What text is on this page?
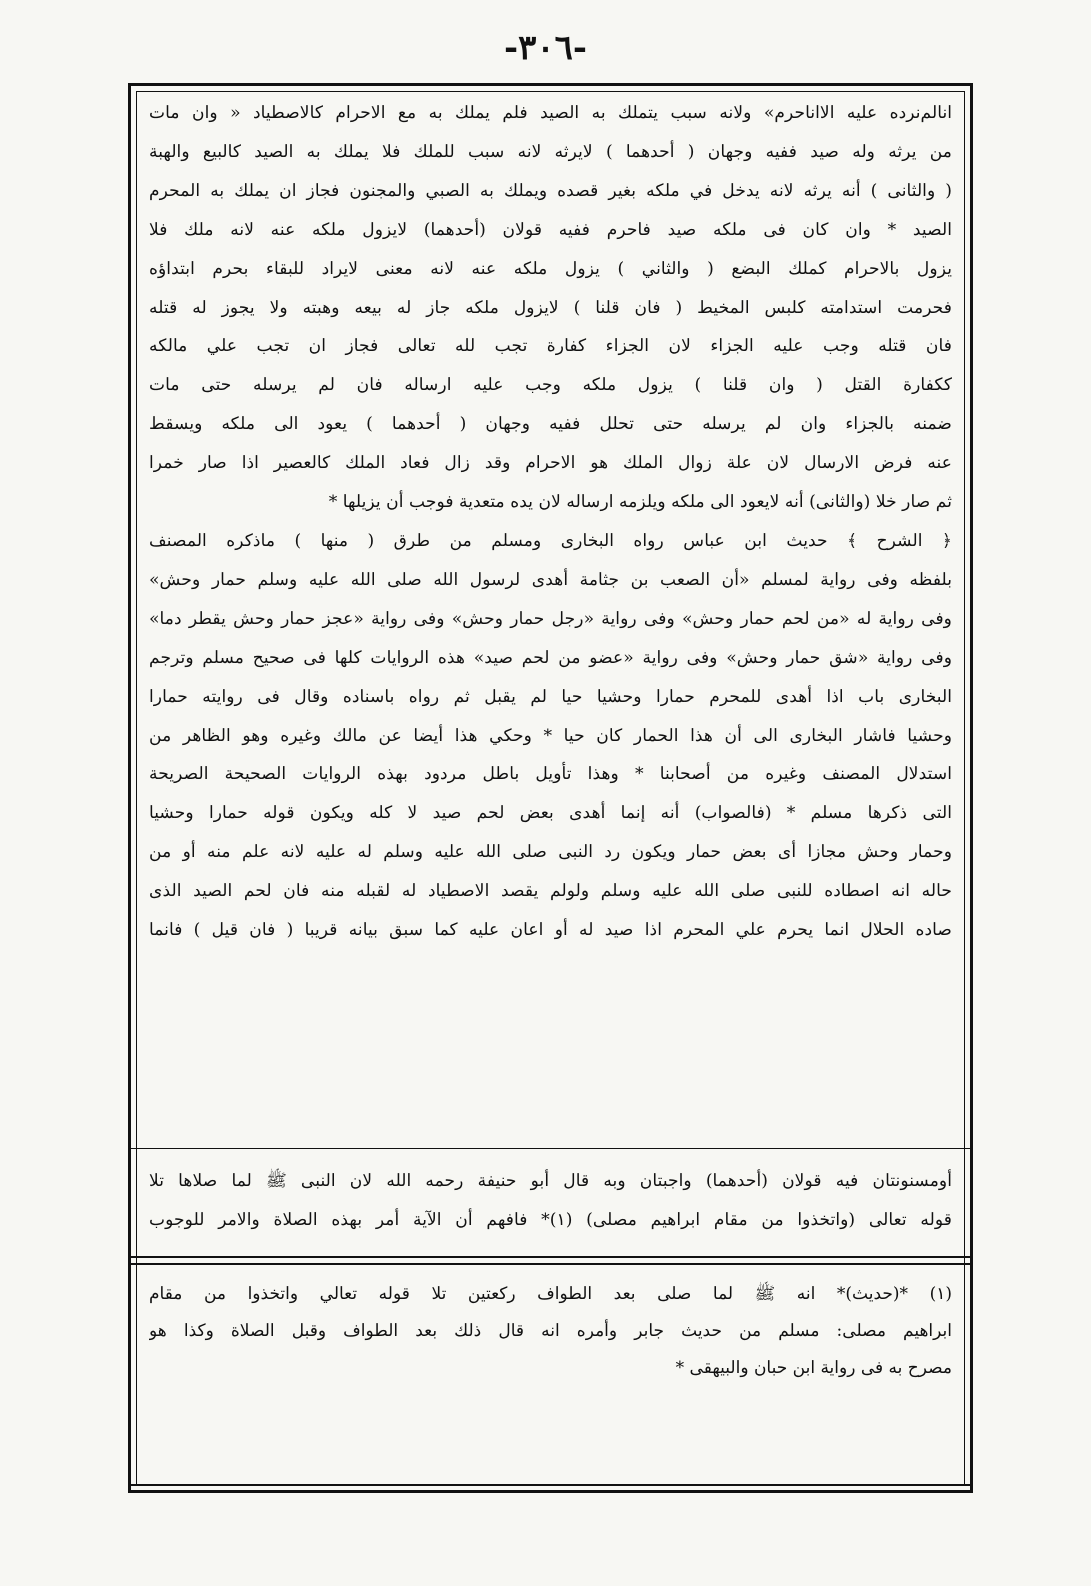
-٣٠٦-

انالم‌نرده عليه الاانا‌حرم» ولانه سبب يتملك به الصيد فلم يملك به مع الاحرام كالاصطياد « وان مات

من يرثه وله صيد ففيه وجهان ( أحدهما ) لايرثه لانه سبب للملك فلا يملك به الصيد كالبيع والهبة

( والثانى ) أنه يرثه لانه يدخل في ملكه بغير قصده ويملك به الصبي والمجنون فجاز ان يملك به المحرم

الصيد * وان كان فى ملكه صيد فاحرم ففيه قولان (أحدهما) لايزول ملكه عنه لانه ملك فلا

يزول بالاحرام كملك البضع ( والثاني ) يزول ملكه عنه لانه معنى لايراد للبقاء بحرم ابتداؤه

فحرمت استدامته كلبس المخيط ( فان قلنا ) لايزول ملكه جاز له بيعه وهبته ولا يجوز له قتله

فان قتله وجب عليه الجزاء لان الجزاء كفارة تجب لله تعالى فجاز ان تجب علي مالكه

ككفارة القتل ( وان قلنا ) يزول ملكه وجب عليه ارساله فان لم يرسله حتى مات

ضمنه بالجزاء وان لم يرسله حتى تحلل ففيه وجهان ( أحدهما ) يعود الى ملكه ويسقط

عنه فرض الارسال لان علة زوال الملك هو الاحرام وقد زال فعاد الملك كالعصير اذا صار خمرا

ثم صار خلا (والثانى) أنه لايعود الى ملكه ويلزمه ارساله لان يده متعدية فوجب أن يزيلها *

﴿ الشرح ﴾ حديث ابن عباس رواه البخارى ومسلم من طرق ( منها ) ماذكره المصنف

بلفظه وفى رواية لمسلم «أن الصعب بن جثامة أهدى لرسول الله صلى الله عليه وسلم حمار وحش»

وفى رواية له «من لحم حمار وحش» وفى رواية «رجل حمار وحش» وفى رواية «عجز حمار وحش يقطر دما»

وفى رواية «شق حمار وحش» وفى رواية «عضو من لحم صيد» هذه الروايات كلها فى صحيح مسلم وترجم

البخارى باب اذا أهدى للمحرم حمارا وحشيا حيا لم يقبل ثم رواه باسناده وقال فى روايته حمارا

وحشيا فاشار البخارى الى أن هذا الحمار كان حيا * وحكي هذا أيضا عن مالك وغيره وهو الظاهر من

استدلال المصنف وغيره من أصحابنا * وهذا تأويل باطل مردود بهذه الروايات الصحيحة الصريحة

التى ذكرها مسلم * (فالصواب) أنه إنما أهدى بعض لحم صيد لا كله ويكون قوله حمارا وحشيا

وحمار وحش مجازا أى بعض حمار ويكون رد النبى صلى الله عليه وسلم له عليه لانه علم منه أو من

حاله انه اصطاده للنبى صلى الله عليه وسلم ولولم يقصد الاصطياد له لقبله منه فان لحم الصيد الذى

صاده الحلال انما يحرم علي المحرم اذا صيد له أو اعان عليه كما سبق بيانه قريبا ( فان قيل ) فانما

أومسنونتان فيه قولان (أحدهما) واجبتان وبه قال أبو حنيفة رحمه الله لان النبى ﷺ لما صلاها تلا

قوله تعالى (واتخذوا من مقام ابراهيم مصلى) (١)* فافهم أن الآية أمر بهذه الصلاة والامر للوجوب

(١) *(حديث)* انه ﷺ لما صلى بعد الطواف ركعتين تلا قوله تعالي واتخذوا من مقام

ابراهيم مصلى: مسلم من حديث جابر وأمره انه قال ذلك بعد الطواف وقبل الصلاة وكذا هو

مصرح به فى رواية ابن حبان والبيهقى *
